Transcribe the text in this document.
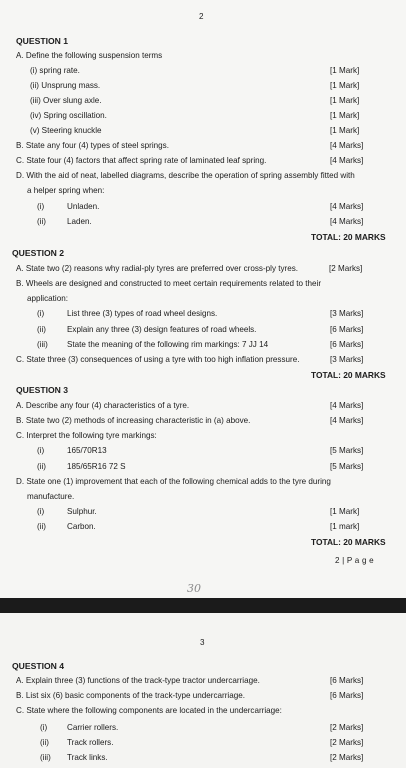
2
QUESTION 1
A. Define the following suspension terms
(i) spring rate.	[1 Mark]
(ii) Unsprung mass.	[1 Mark]
(iii) Over slung axle.	[1 Mark]
(iv) Spring oscillation.	[1 Mark]
(v) Steering knuckle	[1 Mark]
B. State any four (4) types of steel springs.	[4 Marks]
C. State four (4) factors that affect spring rate of laminated leaf spring.	[4 Marks]
D. With the aid of neat, labelled diagrams, describe the operation of spring assembly fitted with
a helper spring when:
(i)	Unladen.	[4 Marks]
(ii)	Laden.	[4 Marks]
TOTAL: 20 MARKS
QUESTION 2
A. State two (2) reasons why radial-ply tyres are preferred over cross-ply tyres.	[2 Marks]
B. Wheels are designed and constructed to meet certain requirements related to their
application:
(i)	List three (3) types of road wheel designs.	[3 Marks]
(ii)	Explain any three (3) design features of road wheels.	[6 Marks]
(iii) State the meaning of the following rim markings: 7 JJ 14	[6 Marks]
C. State three (3) consequences of using a tyre with too high inflation pressure.	[3 Marks]
TOTAL: 20 MARKS
QUESTION 3
A. Describe any four (4) characteristics of a tyre.	[4 Marks]
B. State two (2) methods of increasing characteristic in (a) above.	[4 Marks]
C. Interpret the following tyre markings:
(i)	165/70R13	[5 Marks]
(ii)	185/65R16 72 S	[5 Marks]
D. State one (1) improvement that each of the following chemical adds to the tyre during
manufacture.
(i)	Sulphur.	[1 Mark]
(ii)	Carbon.	[1 mark]
TOTAL: 20 MARKS
2 | P a g e
30
3
QUESTION 4
A. Explain three (3) functions of the track-type tractor undercarriage.	[6 Marks]
B. List six (6) basic components of the track-type undercarriage.	[6 Marks]
C. State where the following components are located in the undercarriage:
(i) Carrier rollers.	[2 Marks]
(ii) Track rollers.	[2 Marks]
(iii) Track links.	[2 Marks]
